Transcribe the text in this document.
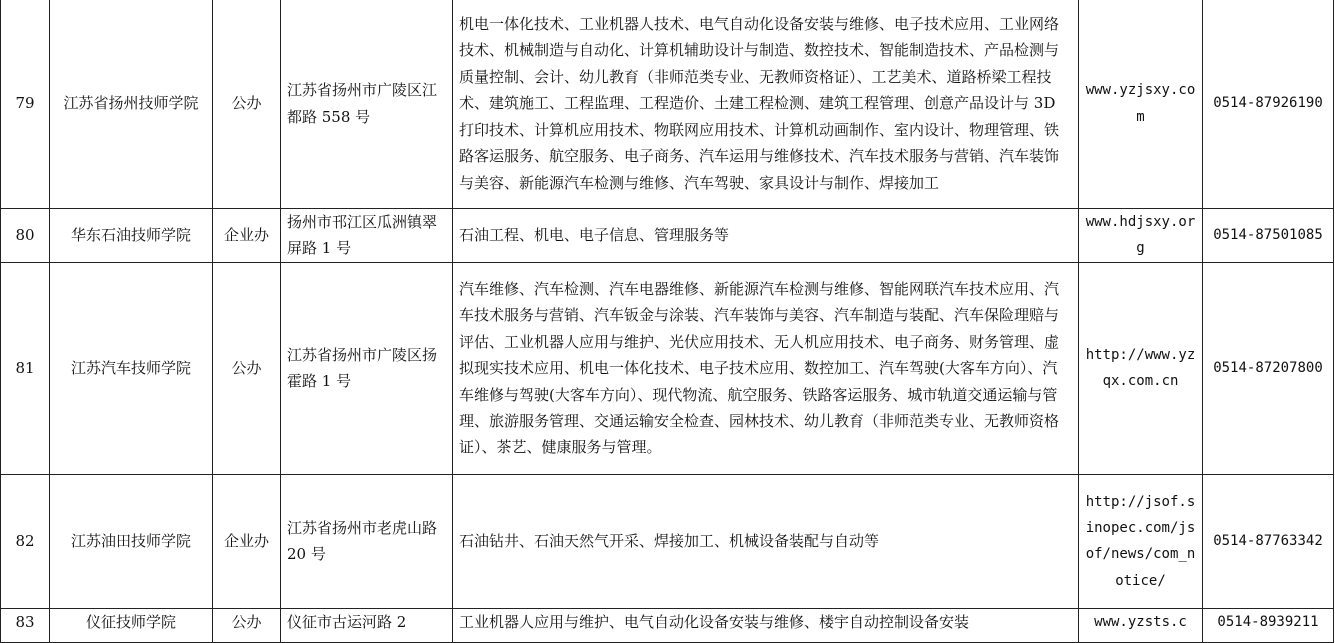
79	江苏省扬州技师学院	公办	江苏省扬州市广陵区江都路 558 号	机电一体化技术、工业机器人技术、电气自动化设备安装与维修、电子技术应用、工业网络技术、机械制造与自动化、计算机辅助设计与制造、数控技术、智能制造技术、产品检测与质量控制、会计、幼儿教育（非师范类专业、无教师资格证）、工艺美术、道路桥梁工程技术、建筑施工、工程监理、工程造价、土建工程检测、建筑工程管理、创意产品设计与 3D 打印技术、计算机应用技术、物联网应用技术、计算机动画制作、室内设计、物理管理、铁路客运服务、航空服务、电子商务、汽车运用与维修技术、汽车技术服务与营销、汽车装饰与美容、新能源汽车检测与维修、汽车驾驶、家具设计与制作、焊接加工	www.yzjsxy.com	0514-87926190
80	华东石油技师学院	企业办	扬州市邗江区瓜洲镇翠屏路 1 号	石油工程、机电、电子信息、管理服务等	www.hdjsxy.org	0514-87501085
81	江苏汽车技师学院	公办	江苏省扬州市广陵区扬霍路 1 号	汽车维修、汽车检测、汽车电器维修、新能源汽车检测与维修、智能网联汽车技术应用、汽车技术服务与营销、汽车钣金与涂装、汽车装饰与美容、汽车制造与装配、汽车保险理赔与评估、工业机器人应用与维护、光伏应用技术、无人机应用技术、电子商务、财务管理、虚拟现实技术应用、机电一体化技术、电子技术应用、数控加工、汽车驾驶(大客车方向）、汽车维修与驾驶(大客车方向）、现代物流、航空服务、铁路客运服务、城市轨道交通运输与管理、旅游服务管理、交通运输安全检查、园林技术、幼儿教育（非师范类专业、无教师资格证）、茶艺、健康服务与管理。	http://www.yzqx.com.cn	0514-87207800
82	江苏油田技师学院	企业办	江苏省扬州市老虎山路 20 号	石油钻井、石油天然气开采、焊接加工、机械设备装配与自动等	http://jsof.sinopec.com/jsof/news/com_notice/	0514-87763342
83	仪征技师学院	公办	仪征市古运河路 2	工业机器人应用与维护、电气自动化设备安装与维修、楼宇自动控制设备安装	www.yzsts.c	0514-8939211
